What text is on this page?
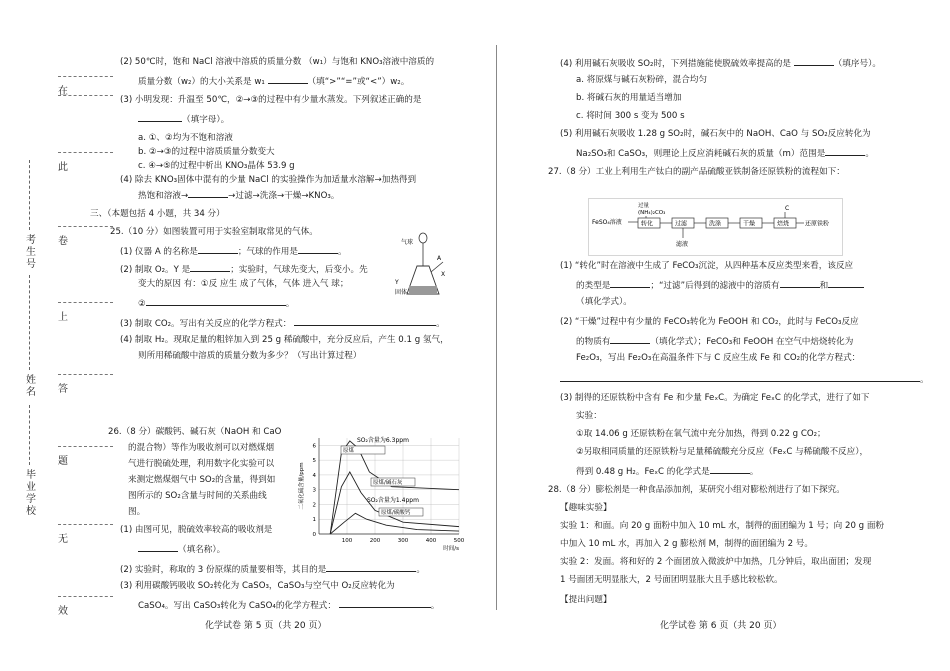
考生号
姓名
毕业学校
在
此
卷
上
答
题
无
效
(2) 50℃时，饱和 NaCl 溶液中溶质的质量分数 （w₁）与饱和 KNO₃溶液中溶质的
质量分数（w₂）的大小关系是 w₁	（填“>”“=”或“<”）w₂。
(3) 小明发现：升温至 50℃，②→③的过程中有少量水蒸发。下列叙述正确的是
（填字母）。
a. ①、②均为不饱和溶液
b. ②→③的过程中溶质质量分数变大
c. ④→⑤的过程中析出 KNO₃晶体 53.9 g
(4) 除去 KNO₃固体中混有的少量 NaCl 的实验操作为加适量水溶解→加热得到
热饱和溶液→	→过滤→洗涤→干燥→KNO₃。
三、（本题包括 4 小题，共 34 分）
25.（10 分）如图装置可用于实验室制取常见的气体。
(1) 仪器 A 的名称是	；气球的作用是	。
(2) 制取 O₂。Y 是	；实验时，气球先变大，后变小。先
变大的原因 有：①反 应生 成了气体，气体 进入气 球；
②	。
(3) 制取 CO₂。写出有关反应的化学方程式：	。
(4) 制取 H₂。现取足量的粗锌加入到 25 g 稀硫酸中，充分反应后，产生 0.1 g 氢气，
则所用稀硫酸中溶质的质量分数为多少？（写出计算过程）
26.（8 分）碳酸钙、碱石灰（NaOH 和 CaO
的混合物）等作为吸收剂可以对燃煤烟
气进行脱硫处理，利用数字化实验可以
来测定燃煤烟气中 SO₂的含量，得到如
图所示的 SO₂含量与时间的关系曲线
图。
(1) 由图可见，脱硫效率较高的吸收剂是
（填名称）。
(2) 实验时，称取的 3 份原煤的质量要相等，其目的是	。
(3) 利用碳酸钙吸收 SO₂转化为 CaSO₃，CaSO₃与空气中 O₂反应转化为
CaSO₄。写出 CaSO₃转化为 CaSO₄的化学方程式：	。
气球
A
X
Y
固体
0
1
2
3
4
5
6
100	200	300	400	500
时间/s
二氧化硫含量/ppm
原煤
原煤/碱石灰
原煤/碳酸钙
SO₂含量为6.3ppm
SO₂含量为1.4ppm
(4) 利用碱石灰吸收 SO₂时，下列措施能使脱硫效率提高的是	（填序号）。
a. 将原煤与碱石灰粉碎，混合均匀
b. 将碱石灰的用量适当增加
c. 将时间 300 s 变为 500 s
(5) 利用碱石灰吸收 1.28 g SO₂时，碱石灰中的 NaOH、CaO 与 SO₂反应转化为
Na₂SO₃和 CaSO₃，则理论上反应消耗碱石灰的质量（m）范围是	。
27.（8 分）工业上利用生产钛白的副产品硫酸亚铁制备还原铁粉的流程如下：
(1) “转化”时在溶液中生成了 FeCO₃沉淀，从四种基本反应类型来看，该反应
的类型是	；“过滤”后得到的滤液中的溶质有	和
（填化学式）。
(2) “干燥”过程中有少量的 FeCO₃转化为 FeOOH 和 CO₂，此时与 FeCO₃反应
的物质有	（填化学式）；FeCO₃和 FeOOH 在空气中焙烧转化为
Fe₂O₃，写出 Fe₂O₃在高温条件下与 C 反应生成 Fe 和 CO₂的化学方程式：
。
(3) 制得的还原铁粉中含有 Fe 和少量 FeₓC。为确定 FeₓC 的化学式，进行了如下
实验：
①取 14.06 g 还原铁粉在氧气流中充分加热，得到 0.22 g CO₂；
②另取相同质量的还原铁粉与足量稀硫酸充分反应（FeₓC 与稀硫酸不反应），
得到 0.48 g H₂。FeₓC 的化学式是	。
28.（8 分）膨松剂是一种食品添加剂，某研究小组对膨松剂进行了如下探究。
【趣味实验】
实验 1：和面。向 20 g 面粉中加入 10 mL 水，制得的面团编为 1 号；向 20 g 面粉
中加入 10 mL 水，再加入 2 g 膨松剂 M，制得的面团编为 2 号。
实验 2：发面。将和好的 2 个面团放入微波炉中加热，几分钟后，取出面团；发现
1 号面团无明显胀大，2 号面团明显胀大且手感比较松软。
【提出问题】
FeSO₄溶液
过量
(NH₄)₂CO₃
转化	过滤
滤液
洗涤	干燥
C
焙烧	还原铁粉
化学试卷 第 5 页（共 20 页）	化学试卷 第 6 页（共 20 页）
